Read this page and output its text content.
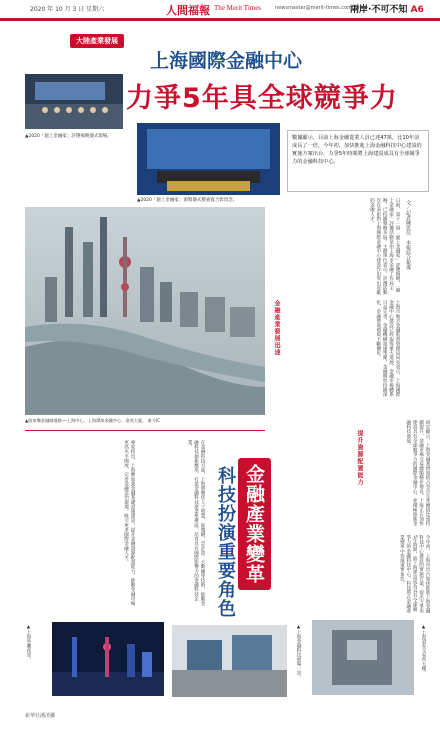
2020 年 10 月 3 日 星期六	人間福報 The Merit Times	newsmaster@merit-times.com.tw
兩岸·不可不知 A6
大陸產業發展
▲2020「滬上金融家」評選揭曉儀式現場。
上海國際金融中心
力爭5年具全球競爭力
▲2020「滬上金融家」頒獎儀式暨嘉賓合影留念。
數據顯示，目前上海金融從業人員已達47萬，比10年前成長了一倍，今年初，加快推進上海金融科技中心建設的實施方案出台，力爭5年時間將上海建設成具有全球競爭力的金融科技中心。
▲陸家嘴金融城地標──上海中心、上海環球金融中心、金茂大廈。 東方IC
文／記者陳思佳．本報綜合報導
日前，第十一屆「滬上金融家」評選揭曉，「滬上金融家」評選活動是由上海市金融工作局主辦，已持續舉辦多屆。主辦單位表示，評選活動旨在表彰對上海國際金融中心建設作出突出貢獻的金融人才。
金融產業發展迅速	上海市地方金融監督管理局局長表示，上海國際金融中心建設已經取得重大進展，金融市場體系日益完善，金融機構加速集聚，金融開放持續深化，金融營商環境不斷優化。
研究顯示，上海金融業增加值占全市生產總值比重持續提升，金融市場交易總額穩步增長。上海正在加快建設具有全球競爭力的國際金融中心，並積極推進金融科技發展。
提升資源配置能力
專家指出，上海應加強金融基礎設施建設，提升金融資源配置能力，推動金融市場更高水平開放，完善金融法治環境，吸引更多國際金融人才。	在金融科技方面，上海將聚焦人工智慧、區塊鏈、雲計算、大數據等技術，推動金融科技創新應用，打造金融科技產業集聚區，培育具有國際影響力的金融科技企業。
金融產業變革
科技扮演重要角色	今年初，上海市出台加快推進上海金融科技中心建設的實施方案，提出力爭用5年時間，將上海建設成為具有全球競爭力的金融科技中心，科技將在金融產業變革中扮演重要角色。
▲上海外灘夜景。	▲上海金融科技展場一景。	▲上海證券交易所大樓。
新華社潘清攝
